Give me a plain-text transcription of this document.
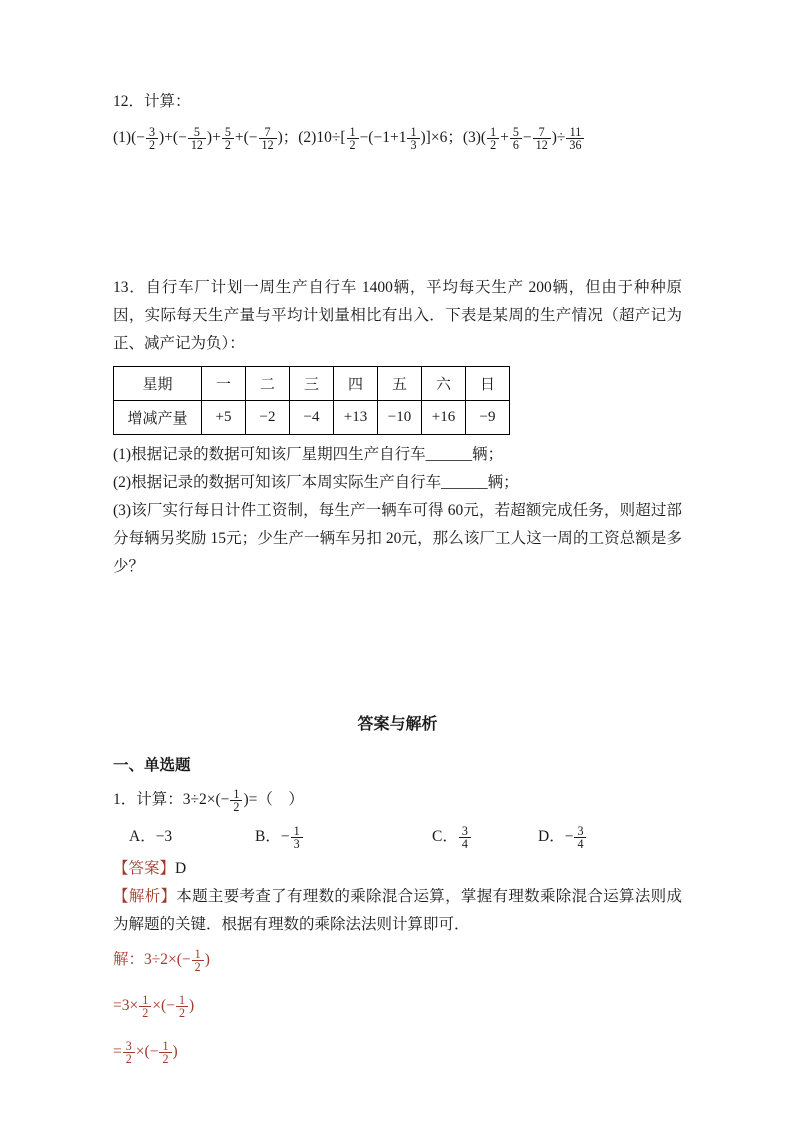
12．计算：

$(1)(- \frac{3}{2}$ )+(− $\frac{5}{12}$ )+ $\frac{5}{2}$ +(− $\frac{7}{12}$ )；$(2)10\div[ \frac{1}{2} -(-1+1 \frac{1}{3} )]\times 6$；$(3)( \frac{1}{2} + \frac{5}{6} - \frac{7}{12}$ )÷ $\frac{11}{36}$

13．自行车厂计划一周生产自行车 1400辆，平均每天生产 200辆，但由于种种原因，实际每天生产量与平均计划量相比有出入．下表是某周的生产情况（超产记为正、减产记为负）：

星期	一	二	三	四	五	六	日
增减产量	+5	−2	−4	+13	−10	+16	−9

(1)根据记录的数据可知该厂星期四生产自行车______辆；

(2)根据记录的数据可知该厂本周实际生产自行车______辆；

(3)该厂实行每日计件工资制，每生产一辆车可得 60元，若超额完成任务，则超过部分每辆另奖励 15元；少生产一辆车另扣 20元，那么该厂工人这一周的工资总额是多少？

答案与解析

一、单选题

1．计算：$3\div 2\times(- \frac{1}{2}$ )=（　）

A．−3	B．− $\frac{1}{3}$	C． $\frac{3}{4}$	D．− $\frac{3}{4}$

【答案】D

【解析】本题主要考查了有理数的乘除混合运算，掌握有理数乘除混合运算法则成为解题的关键．根据有理数的乘除法法则计算即可．

解：$3\div 2\times(- \frac{1}{2}$ )

$=3\times \frac{1}{2}$ ×(− $\frac{1}{2}$ )

= $\frac{3}{2}$ ×(− $\frac{1}{2}$ )
